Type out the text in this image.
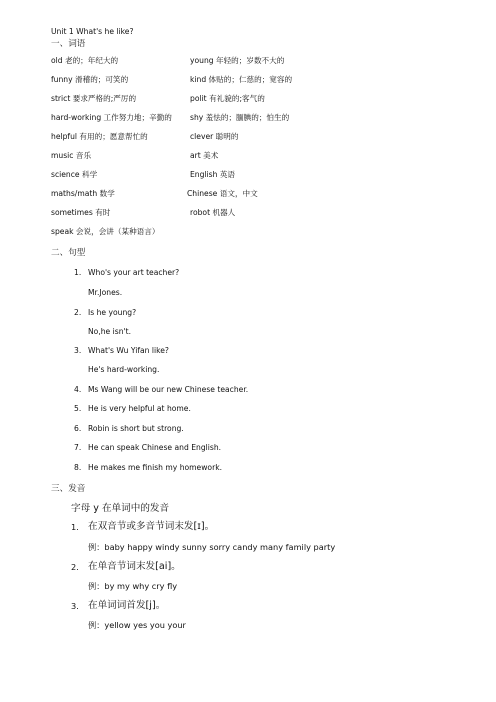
Unit 1 What's he like?
一、词语
old 老的；年纪大的
funny 滑稽的；可笑的
strict 要求严格的;严厉的
hard-working 工作努力地；辛勤的
helpful 有用的；愿意帮忙的
music 音乐
science 科学
maths/math 数学
sometimes 有时
young 年轻的；岁数不大的
kind 体贴的；仁慈的；宽容的
polit 有礼貌的;客气的
shy 羞怯的；腼腆的；怕生的
clever 聪明的
art 美术
English 英语
Chinese 语文，中文
robot 机器人
speak 会说，会讲（某种语言）
二、句型
1. Who's your art teacher?
Mr.Jones.
2. Is he young?
No,he isn't.
3. What's Wu Yifan like?
He's hard-working.
4. Ms Wang will be our new Chinese teacher.
5. He is very helpful at home.
6. Robin is short but strong.
7. He can speak Chinese and English.
8. He makes me finish my homework.
三、发音
字母 y 在单词中的发音
1. 在双音节或多音节词末发[ɪ]。
例：baby happy windy sunny sorry candy many family party
2. 在单音节词末发[ai]。
例：by my why cry fly
3. 在单词词首发[j]。
例：yellow yes you your
